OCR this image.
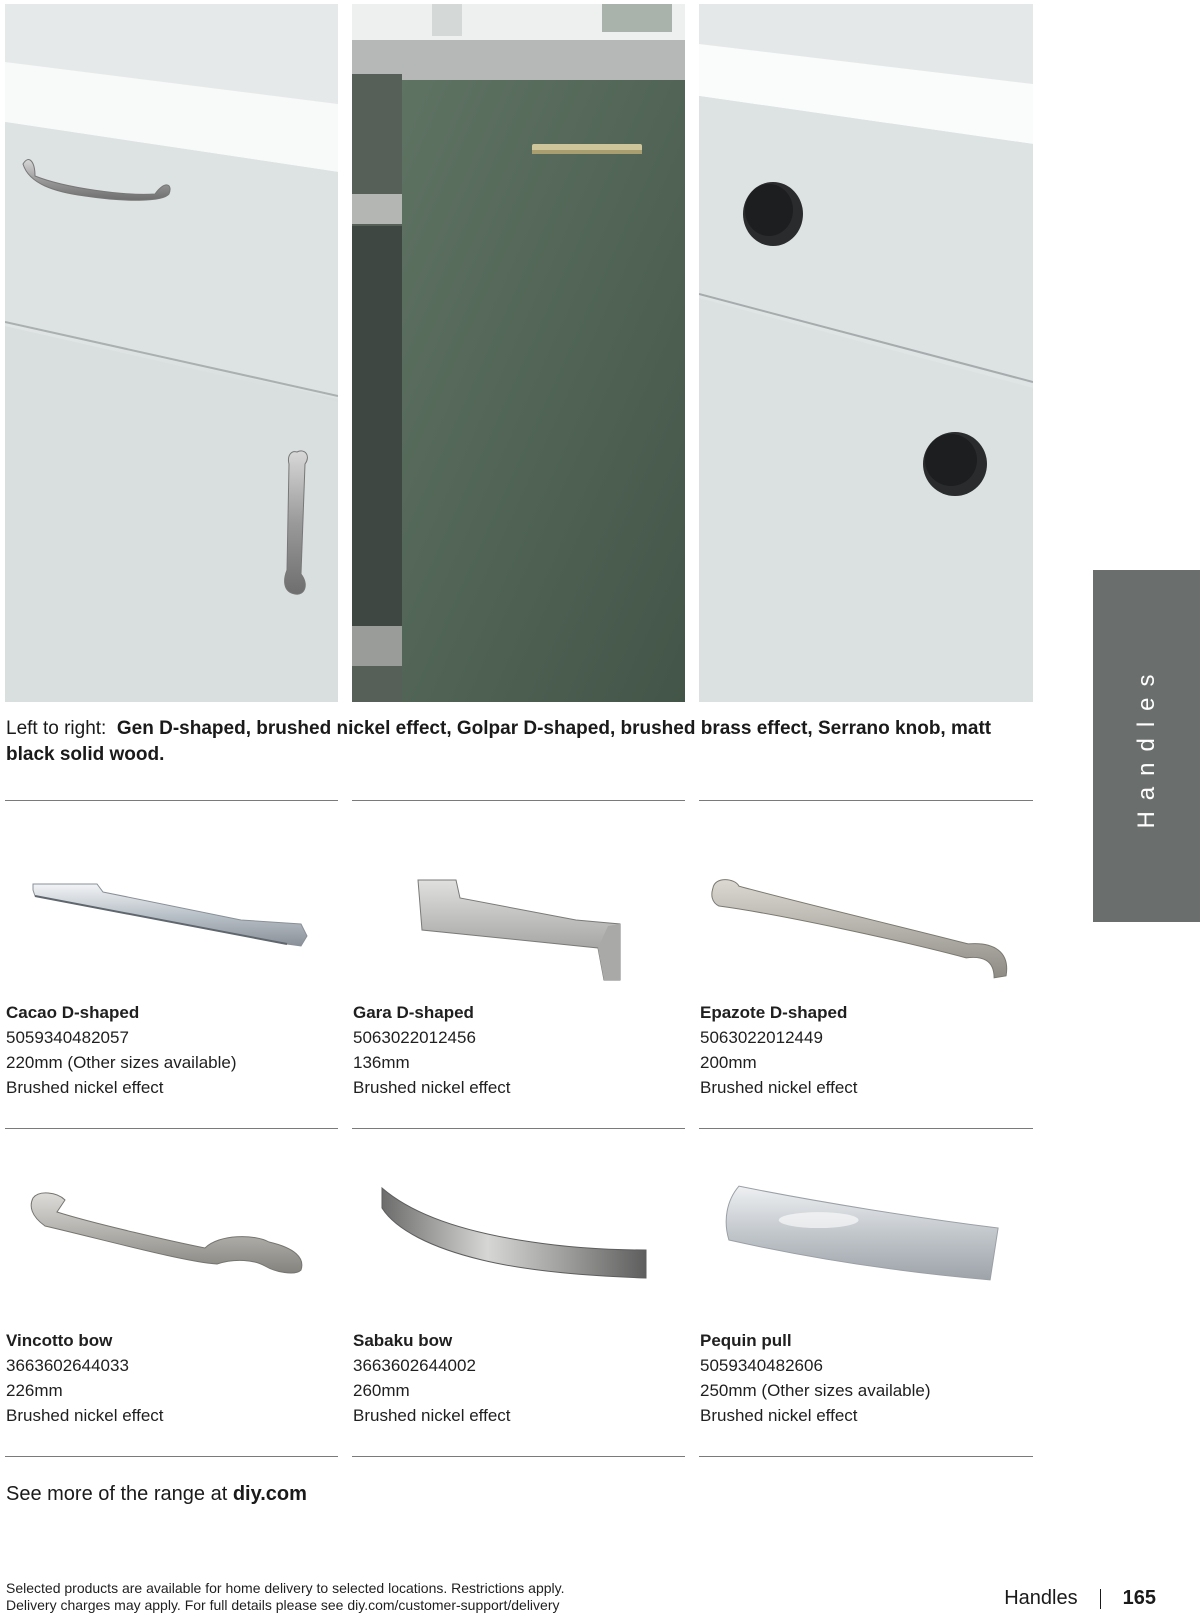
Left to right: Gen D-shaped, brushed nickel effect, Golpar D-shaped, brushed brass effect, Serrano knob, matt black solid wood.	Handles
Cacao D-shaped
5059340482057
220mm (Other sizes available)
Brushed nickel effect
Gara D-shaped
5063022012456
136mm
Brushed nickel effect
Epazote D-shaped
5063022012449
200mm
Brushed nickel effect
Vincotto bow
3663602644033
226mm
Brushed nickel effect
Sabaku bow
3663602644002
260mm
Brushed nickel effect
Pequin pull
5059340482606
250mm (Other sizes available)
Brushed nickel effect

See more of the range at diy.com

Selected products are available for home delivery to selected locations. Restrictions apply.
Delivery charges may apply. For full details please see diy.com/customer-support/delivery	Handles 165
